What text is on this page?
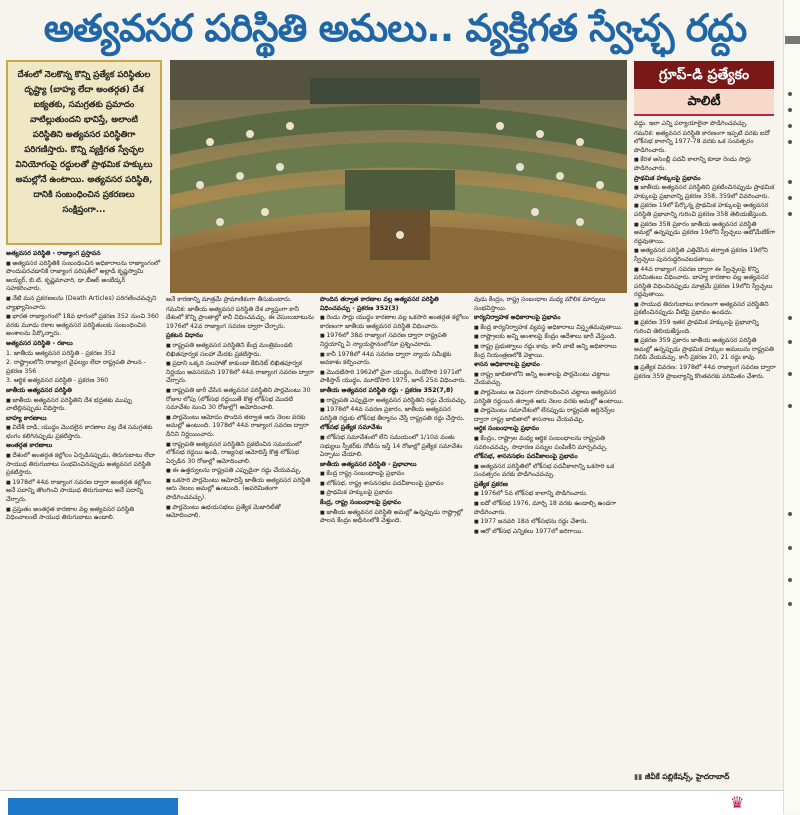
అత్యవసర పరిస్థితి అమలు.. వ్యక్తిగత స్వేచ్ఛ రద్దు
దేశంలో నెలకొన్న కొన్ని ప్రత్యేక పరిస్థితుల దృష్ట్యా (బాహ్య లేదా అంతర్గత) దేశ ఐక్యతకు, సమగ్రతకు ప్రమాదం వాటిల్లుతుందని భావిస్తే, అలాంటి పరిస్థితిని అత్యవసర పరిస్థితిగా పరిగణిస్తారు. కొన్ని వ్యక్తిగత స్వేచ్ఛల వినియోగంపై రద్దులతో ప్రాథమిక హక్కులు అమల్లోనే ఉంటాయి. అత్యవసర పరిస్థితి, దానికి సంబంధించిన ప్రకరణలు సంక్షిప్తంగా...
గ్రూప్-డి ప్రత్యేకం
పాలిటీ

అత్యవసర పరిస్థితి - రాజ్యాంగ ప్రస్తావన

■ అత్యవసర పరిస్థితికి సంబంధించిన అధికారాలను రాజ్యాంగంలో పొందుపరచడానికి రాజ్యాంగ పరిషత్‌లో అల్లాడి కృష్ణస్వామి అయ్యర్, బి.టి. కృష్ణమాచారి, డా.బీఆర్ అంబేడ్కర్ సహకరించారు.

■ నేటి మన ప్రకరణలను (Death Articles) పరిగణించవచ్చని వ్యాఖ్యానించారు.

■ భారత రాజ్యాంగంలో 18వ భాగంలో ప్రకరణ 352 నుంచి 360 వరకు మూడు రకాల అత్యవసర పరిస్థితులకు సంబంధించిన అంశాలను పేర్కొన్నారు.

అత్యవసర పరిస్థితి - రకాలు

1. జాతీయ అత్యవసర పరిస్థితి - ప్రకరణ 352

2. రాష్ట్రాలలోని రాజ్యాంగ వైఫల్యం లేదా రాష్ట్రపతి పాలన - ప్రకరణ 356

3. ఆర్థిక అత్యవసర పరిస్థితి - ప్రకరణ 360

జాతీయ అత్యవసర పరిస్థితి

■ జాతీయ అత్యవసర పరిస్థితిని దేశ భద్రతకు ముప్పు వాటిల్లినప్పుడు విధిస్తారు.

బాహ్య కారణాలు

■ విదేశీ దాడి, యుద్ధం మొదలైన కారణాల వల్ల దేశ సమగ్రతకు భంగం కలిగినప్పుడు ప్రకటిస్తారు.

అంతర్గత కారణాలు

■ దేశంలో అంతర్గత కల్లోలం ఏర్పడినప్పుడు, తిరుగుబాటు లేదా సాయుధ తిరుగుబాటు సంభవించినప్పుడు అత్యవసర పరిస్థితి ప్రకటిస్తారు.

■ 1978లో 44వ రాజ్యాంగ సవరణ ద్వారా అంతర్గత కల్లోలం అనే పదాన్ని తొలగించి సాయుధ తిరుగుబాటు అనే పదాన్ని చేర్చారు.

■ ప్రస్తుతం అంతర్గత కారణాల వల్ల అత్యవసర పరిస్థితి విధించాలంటే సాయుధ తిరుగుబాటు ఉండాలి.

అనే కారణాన్ని మాత్రమే ప్రామాణికంగా తీసుకుంటారు.

గమనిక: జాతీయ అత్యవసర పరిస్థితి దేశ వ్యాప్తంగా కానీ దేశంలో కొన్ని ప్రాంతాల్లో కానీ విధించవచ్చు. ఈ వెసులుబాటును 1976లో 42వ రాజ్యాంగ సవరణ ద్వారా చేర్చారు.

ప్రకటన విధానం

■ రాష్ట్రపతి అత్యవసర పరిస్థితిని కేంద్ర మంత్రిమండలి లిఖితపూర్వక సలహా మేరకు ప్రకటిస్తారు.

■ ప్రధాని ఒక్కరి సలహాతో కాకుండా కేబినెట్ లిఖితపూర్వక నిర్ణయం అవసరమని 1978లో 44వ రాజ్యాంగ సవరణ ద్వారా చేర్చారు.

■ రాష్ట్రపతి జారీ చేసిన అత్యవసర పరిస్థితిని పార్లమెంటు 30 రోజుల లోపు (లోక్‌సభ రద్దయితే కొత్త లోక్‌సభ మొదటి సమావేశం నుంచి 30 రోజుల్లో) ఆమోదించాలి.

■ పార్లమెంటు ఆమోదం పొందిన తర్వాత ఆరు నెలల వరకు అమల్లో ఉంటుంది. 1978లో 44వ రాజ్యాంగ సవరణ ద్వారా దీనిని నిర్ణయించారు.

■ రాష్ట్రపతి అత్యవసర పరిస్థితిని ప్రకటించిన సమయంలో లోక్‌సభ రద్దయి ఉండి, రాజ్యసభ ఆమోదిస్తే కొత్త లోక్‌సభ ఏర్పడిన 30 రోజుల్లో ఆమోదించాలి.

■ ఈ ఉత్తర్వులను రాష్ట్రపతి ఎప్పుడైనా రద్దు చేయవచ్చు.

■ ఒకసారి పార్లమెంటు ఆమోదిస్తే జాతీయ అత్యవసర పరిస్థితి ఆరు నెలలు అమల్లో ఉంటుంది. (అపరిమితంగా పొడిగించవచ్చు).

■ పార్లమెంటు ఉభయసభలు ప్రత్యేక మెజారిటీతో ఆమోదించాలి.

పొందిన తర్వాత కారణాల వల్ల అత్యవసర పరిస్థితి విధించవచ్చు - ప్రకరణ 352(3)

■ రెండు సార్లు యుద్ధం కారణాల వల్ల ఒకసారి అంతర్గత కల్లోలం కారణంగా జాతీయ అత్యవసర పరిస్థితి విధించారు.

■ 1976లో 38వ రాజ్యాంగ సవరణ ద్వారా రాష్ట్రపతి నిర్ణయాన్ని ఏ న్యాయస్థానంలోనూ ప్రశ్నించరాదు.

■ కానీ 1978లో 44వ సవరణ ద్వారా న్యాయ సమీక్షకు అవకాశం కల్పించారు.

■ మొదటిసారి 1962లో చైనా యుద్ధం, రెండోసారి 1971లో పాకిస్తాన్ యుద్ధం, మూడోసారి 1975, జూన్ 25న విధించారు.

జాతీయ అత్యవసర పరిస్థితి రద్దు - ప్రకరణ 352(7,8)

■ రాష్ట్రపతి ఎప్పుడైనా అత్యవసర పరిస్థితిని రద్దు చేయవచ్చు.

■ 1978లో 44వ సవరణ ప్రకారం, జాతీయ అత్యవసర పరిస్థితి రద్దుకు లోక్‌సభ తీర్మానం చేస్తే రాష్ట్రపతి రద్దు చేస్తారు.

లోక్‌సభ ప్రత్యేక సమావేశం

■ లోక్‌సభ సమావేశంలో లేని సమయంలో 1/10వ వంతు సభ్యులు స్పీకర్‌కు నోటీసు ఇస్తే 14 రోజుల్లో ప్రత్యేక సమావేశం ఏర్పాటు చేయాలి.

జాతీయ అత్యవసర పరిస్థితి - ప్రభావాలు

■ కేంద్ర రాష్ట్ర సంబంధాలపై ప్రభావం

■ లోక్‌సభ, రాష్ట్ర శాసనసభల పదవీకాలంపై ప్రభావం

■ ప్రాథమిక హక్కులపై ప్రభావం

కేంద్ర, రాష్ట్ర సంబంధాలపై ప్రభావం

■ జాతీయ అత్యవసర పరిస్థితి అమల్లో ఉన్నప్పుడు రాష్ట్రాల్లో పాలన కేంద్రం అధీనంలోకి వెళ్తుంది.

వుడు కేంద్రం, రాష్ట్ర సంబంధాల మధ్య మౌలిక మార్పులు సంభవిస్తాయి.

కార్యనిర్వాహక అధికారాలపై ప్రభావం

■ కేంద్ర కార్యనిర్వాహక వ్యవస్థ అధికారాలు విస్తృతమవుతాయి.

■ రాష్ట్రాలకు అన్ని అంశాలపై కేంద్రం ఆదేశాలు జారీ చేస్తుంది.

■ రాష్ట్ర ప్రభుత్వాలు రద్దు కావు. కానీ వాటి అన్ని అధికారాలు కేంద్ర నియంత్రణలోకి వెళ్తాయి.

శాసన అధికారాలపై ప్రభావం

■ రాష్ట్ర జాబితాలోని అన్ని అంశాలపై పార్లమెంటు చట్టాలు చేయవచ్చు.

■ పార్లమెంటు ఆ విధంగా రూపొందించిన చట్టాలు అత్యవసర పరిస్థితి రద్దయిన తర్వాత ఆరు నెలల వరకు అమల్లో ఉంటాయి.

■ పార్లమెంటు సమావేశంలో లేనప్పుడు రాష్ట్రపతి ఆర్డినెన్స్‌ల ద్వారా రాష్ట్ర జాబితాలో శాసనాలు చేయవచ్చు.

ఆర్థిక సంబంధాలపై ప్రభావం

■ కేంద్రం, రాష్ట్రాల మధ్య ఆర్థిక సంబంధాలను రాష్ట్రపతి సవరించవచ్చు. సాధారణ పన్నుల పంపిణీని మార్చవచ్చు.

లోక్‌సభ, శాసనసభల పదవీకాలంపై ప్రభావం

■ అత్యవసర పరిస్థితిలో లోక్‌సభ పదవీకాలాన్ని ఒకసారి ఒక సంవత్సరం వరకు పొడిగించవచ్చు.

ప్రత్యేక ప్రకరణ

■ 1976లో 5వ లోక్‌సభ కాలాన్ని పొడిగించారు.

■ ఐదో లోక్‌సభ 1976, మార్చి 18 వరకు ఉండాల్సి ఉండగా పొడిగించారు.

■ 1977 జనవరి 18న లోక్‌సభను రద్దు చేశారు.

■ ఆరో లోక్‌సభ ఎన్నికలు 1977లో జరిగాయి.

వద్దు. ఇలా ఎన్ని పర్యాయాలైనా పొడిగించవచ్చు.

గమనిక: అత్యవసర పరిస్థితి కారణంగా ఇప్పటి వరకు ఐదో లోక్‌సభ కాలాన్ని 1977-78 వరకు ఒక సంవత్సరం పొడిగించారు.

■ కేరళ అసెంబ్లీ పదవీ కాలాన్ని కూడా రెండు సార్లు పొడిగించారు.

ప్రాథమిక హక్కులపై ప్రభావం

■ జాతీయ అత్యవసర పరిస్థితిని ప్రకటించినప్పుడు ప్రాథమిక హక్కులపై ప్రభావాన్ని ప్రకరణ 358, 359లో వివరించారు.

■ ప్రకరణ 19లో పేర్కొన్న ప్రాథమిక హక్కులపై అత్యవసర పరిస్థితి ప్రభావాన్ని గురించి ప్రకరణ 358 తెలియజేస్తుంది.

■ ప్రకరణ 358 ప్రకారం జాతీయ అత్యవసర పరిస్థితి అమల్లో ఉన్నప్పుడు ప్రకరణ 19లోని స్వేచ్ఛలు ఆటోమేటిక్‌గా రద్దవుతాయి.

■ అత్యవసర పరిస్థితి ఎత్తివేసిన తర్వాత ప్రకరణ 19లోని స్వేచ్ఛలు పునరుద్ధరించబడతాయి.

■ 44వ రాజ్యాంగ సవరణ ద్వారా ఈ స్వేచ్ఛలపై కొన్ని పరిమితులు విధించారు. బాహ్య కారణాల వల్ల అత్యవసర పరిస్థితి విధించినప్పుడు మాత్రమే ప్రకరణ 19లోని స్వేచ్ఛలు రద్దవుతాయి.

■ సాయుధ తిరుగుబాటు కారణంగా అత్యవసర పరిస్థితిని ప్రకటించినప్పుడు వీటిపై ప్రభావం ఉండదు.

■ ప్రకరణ 359 ఇతర ప్రాథమిక హక్కులపై ప్రభావాన్ని గురించి తెలియజేస్తుంది.

■ ప్రకరణ 359 ప్రకారం జాతీయ అత్యవసర పరిస్థితి అమల్లో ఉన్నప్పుడు ప్రాథమిక హక్కుల అమలును రాష్ట్రపతి నిలిపి వేయవచ్చు. కానీ ప్రకరణ 20, 21 రద్దు కావు.

■ ప్రత్యేక వివరణ: 1978లో 44వ రాజ్యాంగ సవరణ ద్వారా ప్రకరణ 359 ప్రాబల్యాన్ని కొంతవరకు పరిమితం చేశారు.

▮▮ జీవీకే పబ్లికేషన్స్, హైదరాబాద్
♛
